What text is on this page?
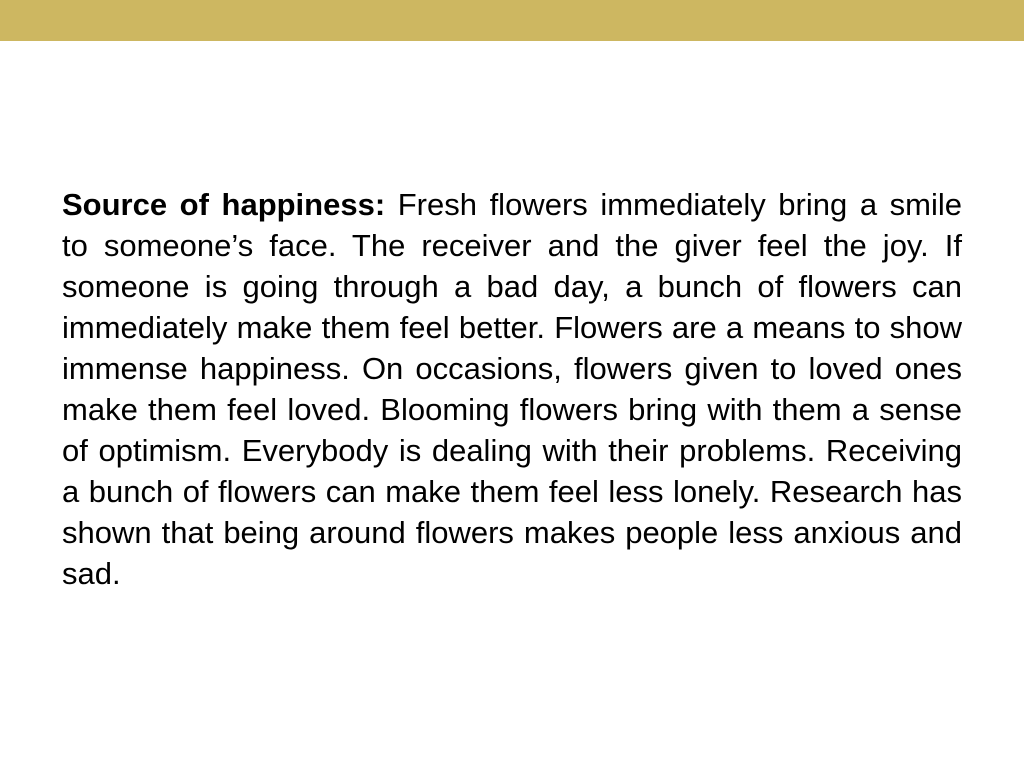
Source of happiness: Fresh flowers immediately bring a smile to someone’s face. The receiver and the giver feel the joy. If someone is going through a bad day, a bunch of flowers can immediately make them feel better. Flowers are a means to show immense happiness. On occasions, flowers given to loved ones make them feel loved. Blooming flowers bring with them a sense of optimism. Everybody is dealing with their problems. Receiving a bunch of flowers can make them feel less lonely. Research has shown that being around flowers makes people less anxious and sad.
